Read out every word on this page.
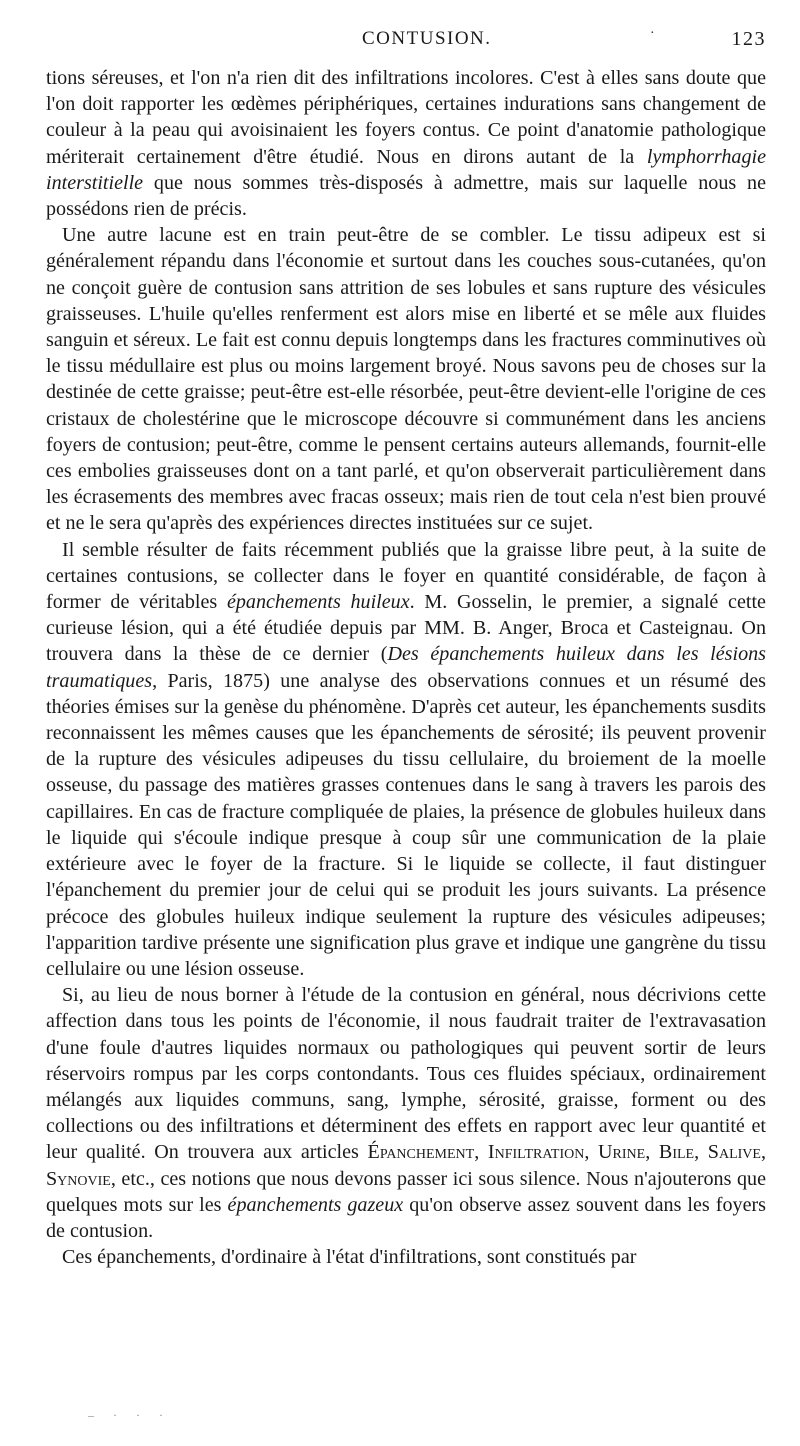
CONTUSION.	·	123

tions séreuses, et l'on n'a rien dit des infiltrations incolores. C'est à elles sans doute que l'on doit rapporter les œdèmes périphériques, certaines indurations sans changement de couleur à la peau qui avoisinaient les foyers contus. Ce point d'anatomie pathologique mériterait certainement d'être étudié. Nous en dirons autant de la lymphorrhagie interstitielle que nous sommes très-disposés à admettre, mais sur laquelle nous ne possédons rien de précis.

Une autre lacune est en train peut-être de se combler. Le tissu adipeux est si généralement répandu dans l'économie et surtout dans les couches sous-cutanées, qu'on ne conçoit guère de contusion sans attrition de ses lobules et sans rupture des vésicules graisseuses. L'huile qu'elles renferment est alors mise en liberté et se mêle aux fluides sanguin et séreux. Le fait est connu depuis longtemps dans les fractures comminutives où le tissu médullaire est plus ou moins largement broyé. Nous savons peu de choses sur la destinée de cette graisse; peut-être est-elle résorbée, peut-être devient-elle l'origine de ces cristaux de cholestérine que le microscope découvre si communément dans les anciens foyers de contusion; peut-être, comme le pensent certains auteurs allemands, fournit-elle ces embolies graisseuses dont on a tant parlé, et qu'on observerait particulièrement dans les écrasements des membres avec fracas osseux; mais rien de tout cela n'est bien prouvé et ne le sera qu'après des expériences directes instituées sur ce sujet.

Il semble résulter de faits récemment publiés que la graisse libre peut, à la suite de certaines contusions, se collecter dans le foyer en quantité considérable, de façon à former de véritables épanchements huileux. M. Gosselin, le premier, a signalé cette curieuse lésion, qui a été étudiée depuis par MM. B. Anger, Broca et Casteignau. On trouvera dans la thèse de ce dernier (Des épanchements huileux dans les lésions traumatiques, Paris, 1875) une analyse des observations connues et un résumé des théories émises sur la genèse du phénomène. D'après cet auteur, les épanchements susdits reconnaissent les mêmes causes que les épanchements de sérosité; ils peuvent provenir de la rupture des vésicules adipeuses du tissu cellulaire, du broiement de la moelle osseuse, du passage des matières grasses contenues dans le sang à travers les parois des capillaires. En cas de fracture compliquée de plaies, la présence de globules huileux dans le liquide qui s'écoule indique presque à coup sûr une communication de la plaie extérieure avec le foyer de la fracture. Si le liquide se collecte, il faut distinguer l'épanchement du premier jour de celui qui se produit les jours suivants. La présence précoce des globules huileux indique seulement la rupture des vésicules adipeuses; l'apparition tardive présente une signification plus grave et indique une gangrène du tissu cellulaire ou une lésion osseuse.

Si, au lieu de nous borner à l'étude de la contusion en général, nous décrivions cette affection dans tous les points de l'économie, il nous faudrait traiter de l'extravasation d'une foule d'autres liquides normaux ou pathologiques qui peuvent sortir de leurs réservoirs rompus par les corps contondants. Tous ces fluides spéciaux, ordinairement mélangés aux liquides communs, sang, lymphe, sérosité, graisse, forment ou des collections ou des infiltrations et déterminent des effets en rapport avec leur quantité et leur qualité. On trouvera aux articles Épanchement, Infiltration, Urine, Bile, Salive, Synovie, etc., ces notions que nous devons passer ici sous silence. Nous n'ajouterons que quelques mots sur les épanchements gazeux qu'on observe assez souvent dans les foyers de contusion.

Ces épanchements, d'ordinaire à l'état d'infiltrations, sont constitués par

– · · ·
